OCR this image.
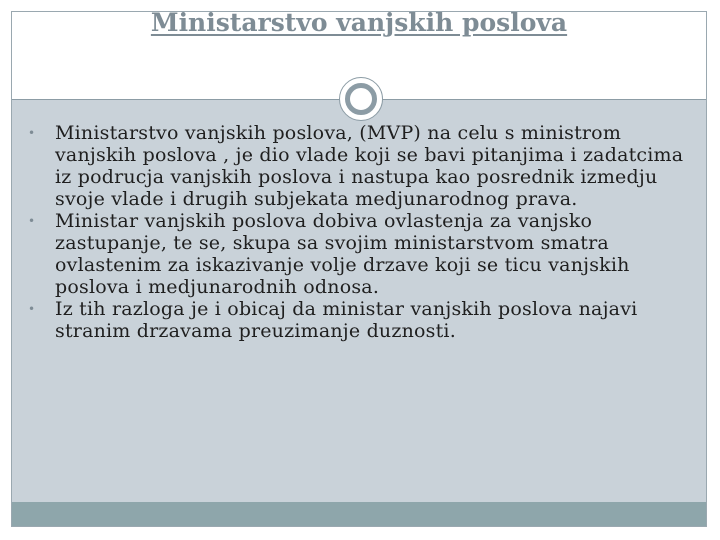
Ministarstvo vanjskih poslova
• Ministarstvo vanjskih poslova, (MVP) na celu s ministrom vanjskih poslova , je dio vlade koji se bavi pitanjima i zadatcima iz podrucja vanjskih poslova i nastupa kao posrednik izmedju svoje vlade i drugih subjekata medjunarodnog prava.
• Ministar vanjskih poslova dobiva ovlastenja za vanjsko zastupanje, te se, skupa sa svojim ministarstvom smatra ovlastenim za iskazivanje volje drzave koji se ticu vanjskih poslova i medjunarodnih odnosa.
• Iz tih razloga je i obicaj da ministar vanjskih poslova najavi stranim drzavama preuzimanje duznosti.
